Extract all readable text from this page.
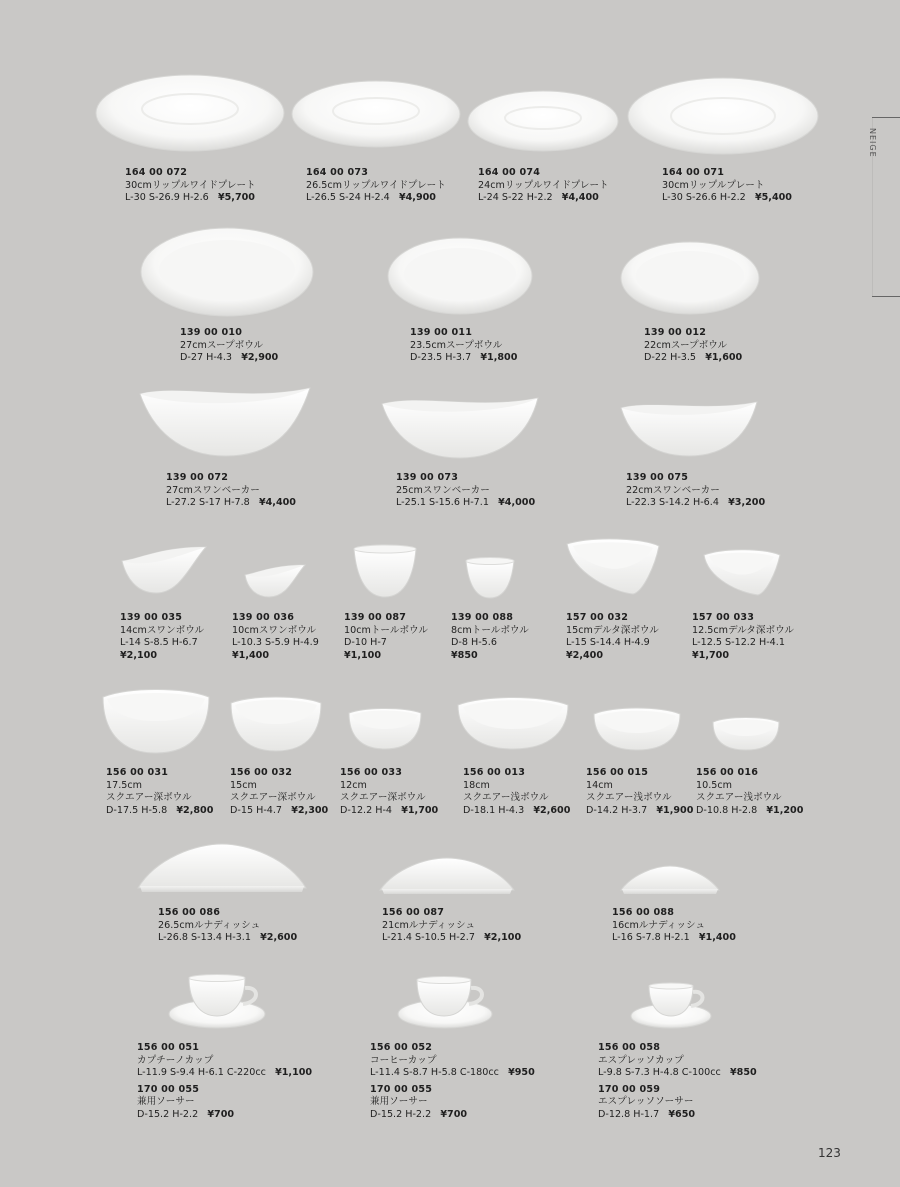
NEIGE
164 00 072
30cmリップルワイドプレート
L-30 S-26.9 H-2.6 ¥5,700
164 00 073
26.5cmリップルワイドプレート
L-26.5 S-24 H-2.4 ¥4,900
164 00 074
24cmリップルワイドプレート
L-24 S-22 H-2.2 ¥4,400
164 00 071
30cmリップルプレート
L-30 S-26.6 H-2.2 ¥5,400
139 00 010
27cmスープボウル
D-27 H-4.3 ¥2,900
139 00 011
23.5cmスープボウル
D-23.5 H-3.7 ¥1,800
139 00 012
22cmスープボウル
D-22 H-3.5 ¥1,600
139 00 072
27cmスワンベーカー
L-27.2 S-17 H-7.8 ¥4,400
139 00 073
25cmスワンベーカー
L-25.1 S-15.6 H-7.1 ¥4,000
139 00 075
22cmスワンベーカー
L-22.3 S-14.2 H-6.4 ¥3,200
139 00 035
14cmスワンボウル
L-14 S-8.5 H-6.7
¥2,100
139 00 036
10cmスワンボウル
L-10.3 S-5.9 H-4.9
¥1,400
139 00 087
10cmトールボウル
D-10 H-7
¥1,100
139 00 088
8cmトールボウル
D-8 H-5.6
¥850
157 00 032
15cmデルタ深ボウル
L-15 S-14.4 H-4.9
¥2,400
157 00 033
12.5cmデルタ深ボウル
L-12.5 S-12.2 H-4.1
¥1,700
156 00 031
17.5cm
スクエアー深ボウル
D-17.5 H-5.8 ¥2,800
156 00 032
15cm
スクエアー深ボウル
D-15 H-4.7 ¥2,300
156 00 033
12cm
スクエアー深ボウル
D-12.2 H-4 ¥1,700
156 00 013
18cm
スクエアー浅ボウル
D-18.1 H-4.3 ¥2,600
156 00 015
14cm
スクエアー浅ボウル
D-14.2 H-3.7 ¥1,900
156 00 016
10.5cm
スクエアー浅ボウル
D-10.8 H-2.8 ¥1,200
156 00 086
26.5cmルナディッシュ
L-26.8 S-13.4 H-3.1 ¥2,600
156 00 087
21cmルナディッシュ
L-21.4 S-10.5 H-2.7 ¥2,100
156 00 088
16cmルナディッシュ
L-16 S-7.8 H-2.1 ¥1,400
156 00 051
カプチーノカップ
L-11.9 S-9.4 H-6.1 C-220cc ¥1,100
170 00 055
兼用ソーサー
D-15.2 H-2.2 ¥700
156 00 052
コーヒーカップ
L-11.4 S-8.7 H-5.8 C-180cc ¥950
170 00 055
兼用ソーサー
D-15.2 H-2.2 ¥700
156 00 058
エスプレッソカップ
L-9.8 S-7.3 H-4.8 C-100cc ¥850
170 00 059
エスプレッソソーサー
D-12.8 H-1.7 ¥650
123
